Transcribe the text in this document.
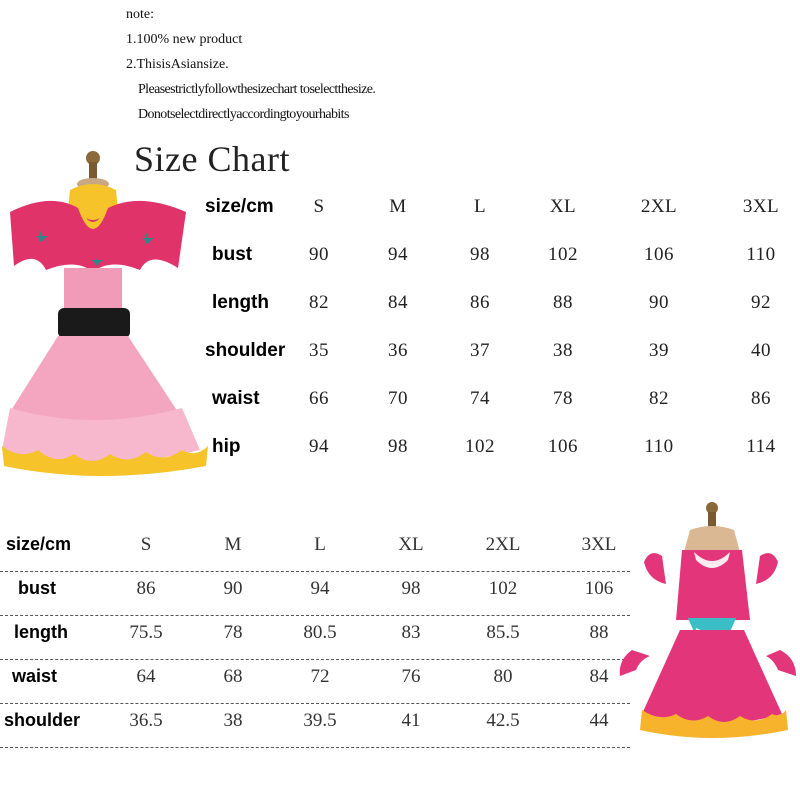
note:
1.100% new product
2.ThisisAsiansize.
Pleasestrictlyfollowthesizechart toselectthesize.
Donotselectdirectlyaccordingtoyourhabits
Size Chart
size/cm	S	M	L	XL	2XL	3XL
bust	90	94	98	102	106	110
length	82	84	86	88	90	92
shoulder	35	36	37	38	39	40
waist	66	70	74	78	82	86
hip	94	98	102	106	110	114
size/cm	S	M	L	XL	2XL	3XL
bust	86	90	94	98	102	106
length	75.5	78	80.5	83	85.5	88
waist	64	68	72	76	80	84
shoulder	36.5	38	39.5	41	42.5	44
